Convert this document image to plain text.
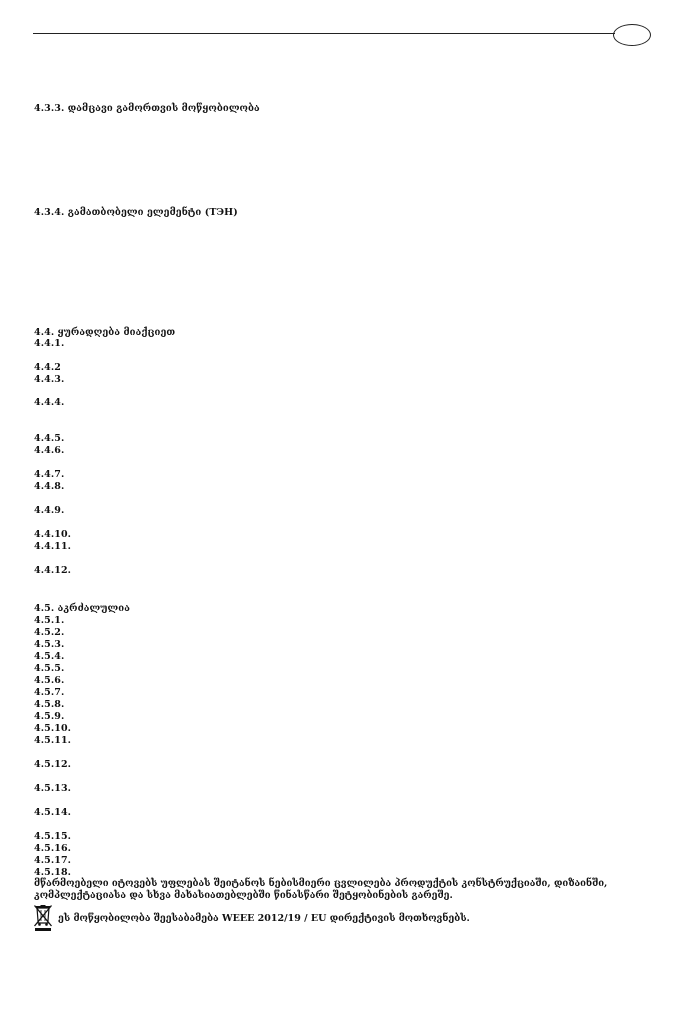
4.3.3. დამცავი გამორთვის მოწყობილობა
4.3.4. გამათბობელი ელემენტი (ТЭН)
4.4. ყურადღება მიაქციეთ
4.4.1.
4.4.2
4.4.3.
4.4.4.
4.4.5.
4.4.6.
4.4.7.
4.4.8.
4.4.9.
4.4.10.
4.4.11.
4.4.12.
4.5. აკრძალულია
4.5.1.
4.5.2.
4.5.3.
4.5.4.
4.5.5.
4.5.6.
4.5.7.
4.5.8.
4.5.9.
4.5.10.
4.5.11.
4.5.12.
4.5.13.
4.5.14.
4.5.15.
4.5.16.
4.5.17.
4.5.18.
მწარმოებელი იტოვებს უფლებას შეიტანოს ნებისმიერი ცვლილება პროდუქტის კონსტრუქციაში, დიზაინში, კომპლექტაციასა და სხვა მახასიათებლებში წინასწარი შეტყობინების გარეშე.
ეს მოწყობილობა შეესაბამება WEEE 2012/19 / EU დირექტივის მოთხოვნებს.
